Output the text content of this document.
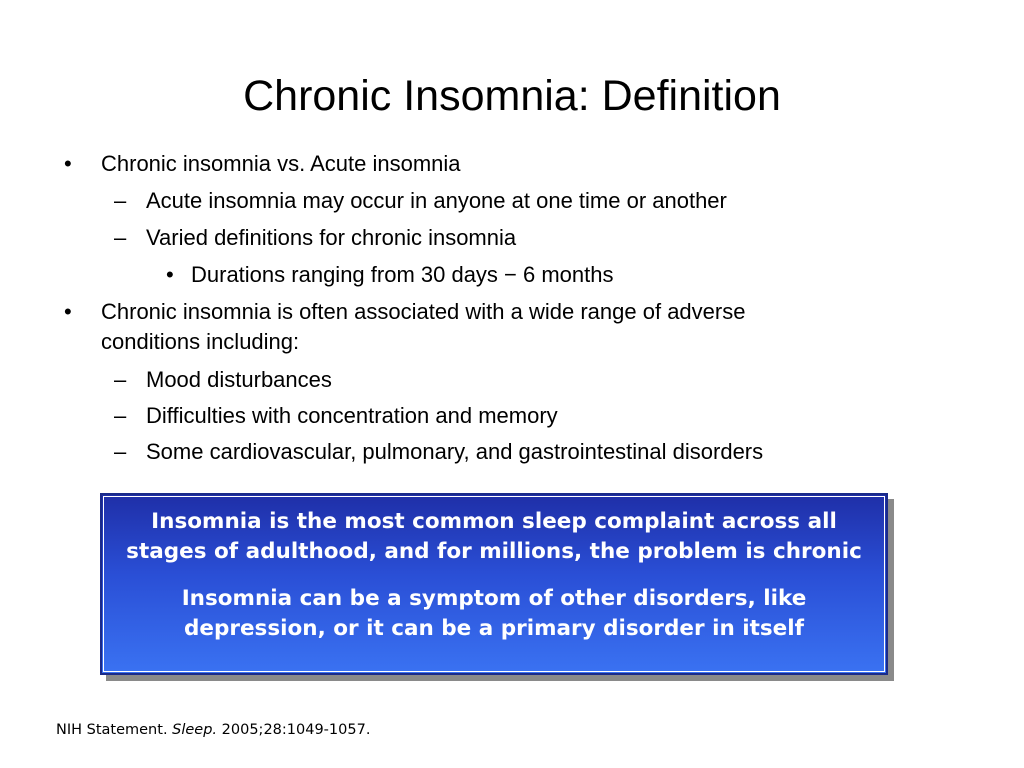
Chronic Insomnia: Definition
• Chronic insomnia vs. Acute insomnia
– Acute insomnia may occur in anyone at one time or another
– Varied definitions for chronic insomnia
• Durations ranging from 30 days − 6 months
• Chronic insomnia is often associated with a wide range of adverse
conditions including:
– Mood disturbances
– Difficulties with concentration and memory
– Some cardiovascular, pulmonary, and gastrointestinal disorders

Insomnia is the most common sleep complaint across all stages of adulthood, and for millions, the problem is chronic

Insomnia can be a symptom of other disorders, like depression, or it can be a primary disorder in itself

NIH Statement. Sleep. 2005;28:1049-1057.
